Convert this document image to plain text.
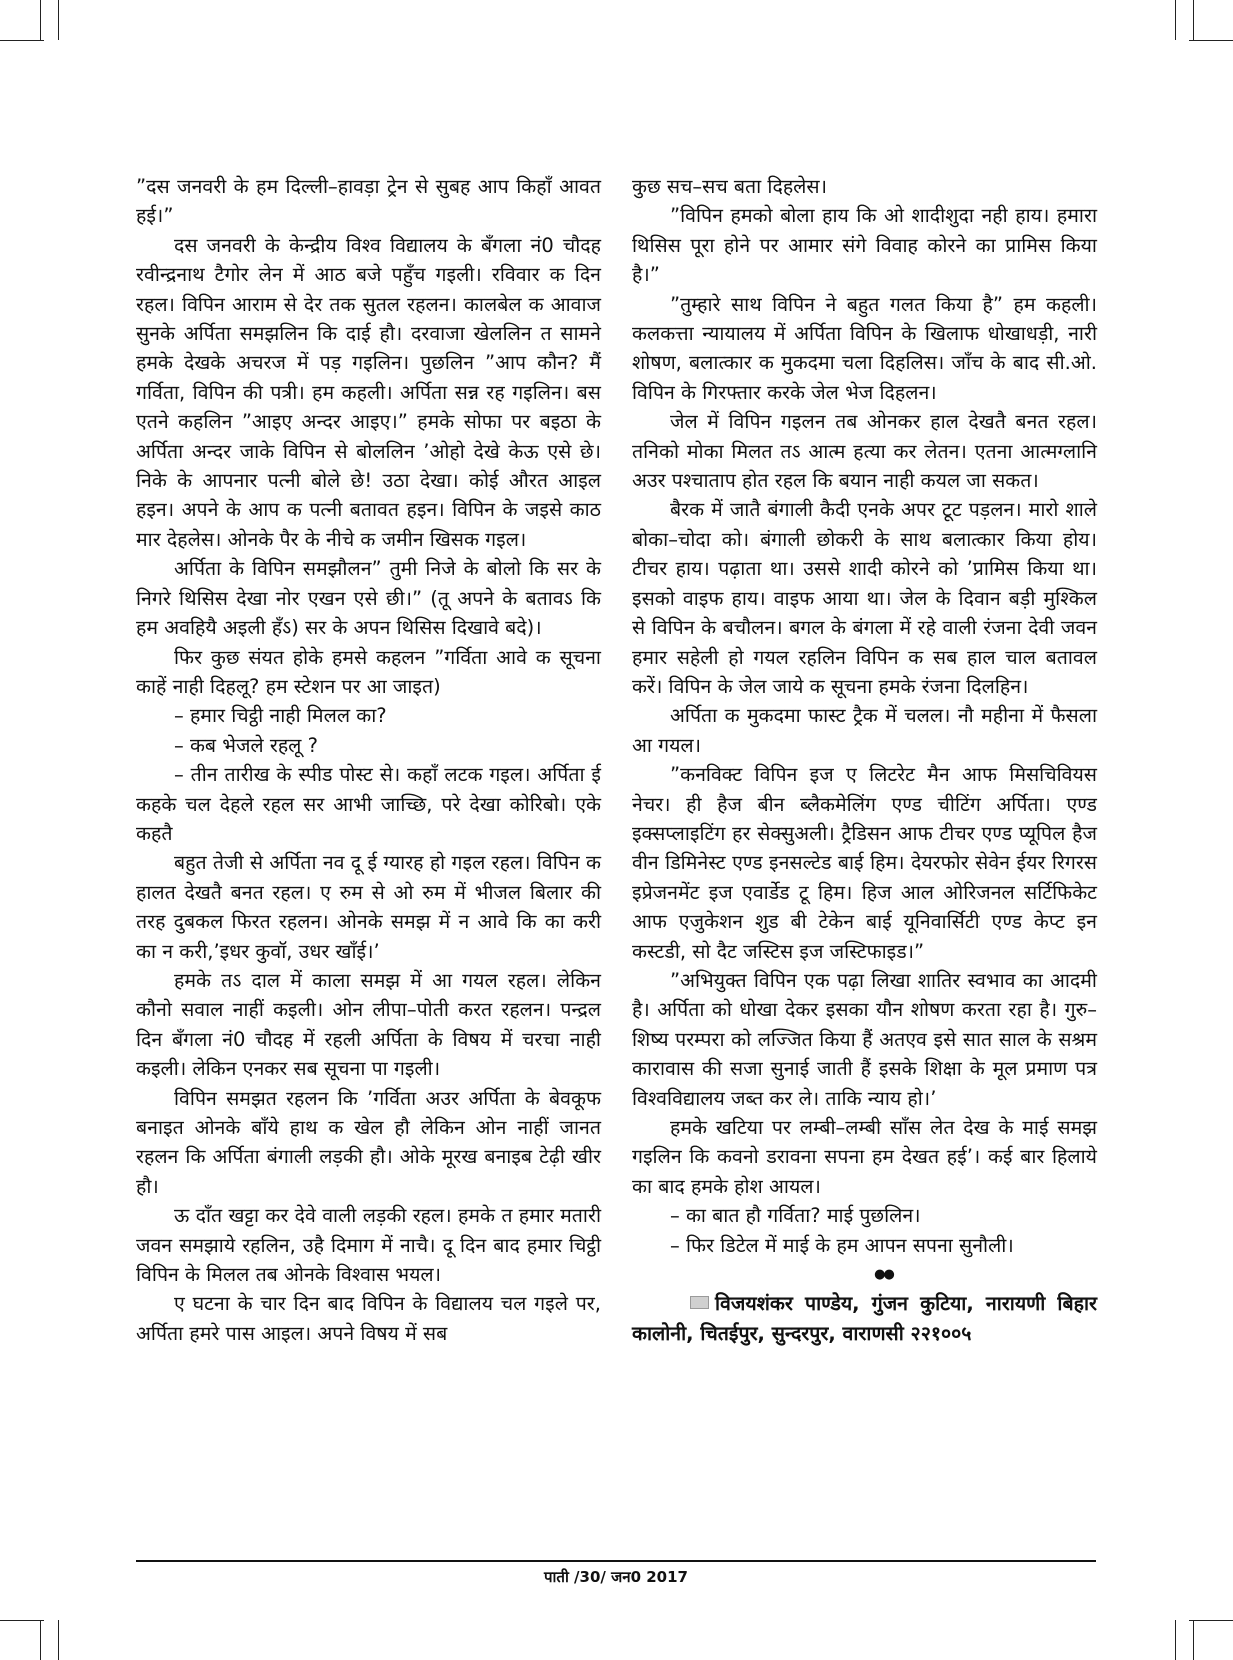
”दस जनवरी के हम दिल्ली–हावड़ा ट्रेन से सुबह आप किहाँ आवत हई।”

दस जनवरी के केन्द्रीय विश्व विद्यालय के बँगला नं0 चौदह रवीन्द्रनाथ टैगोर लेन में आठ बजे पहुँच गइली। रविवार क दिन रहल। विपिन आराम से देर तक सुतल रहलन। कालबेल क आवाज सुनके अर्पिता समझलिन कि दाई हौ। दरवाजा खेललिन त सामने हमके देखके अचरज में पड़ गइलिन। पुछलिन ”आप कौन? मैं गर्विता, विपिन की पत्री। हम कहली। अर्पिता सन्न रह गइलिन। बस एतने कहलिन ”आइए अन्दर आइए।” हमके सोफा पर बइठा के अर्पिता अन्दर जाके विपिन से बोललिन ’ओहो देखे केऊ एसे छे। निके के आपनार पत्नी बोले छे! उठा देखा। कोई औरत आइल हइन। अपने के आप क पत्नी बतावत हइन। विपिन के जइसे काठ मार देहलेस। ओनके पैर के नीचे क जमीन खिसक गइल।

अर्पिता के विपिन समझौलन” तुमी निजे के बोलो कि सर के निगरे थिसिस देखा नोर एखन एसे छी।” (तू अपने के बतावऽ कि हम अवहियै अइली हँऽ) सर के अपन थिसिस दिखावे बदे)।

फिर कुछ संयत होके हमसे कहलन ”गर्विता आवे क सूचना काहें नाही दिहलू? हम स्टेशन पर आ जाइत)

– हमार चिट्ठी नाही मिलल का?

– कब भेजले रहलू ?

– तीन तारीख के स्पीड पोस्ट से। कहाँ लटक गइल। अर्पिता ई कहके चल देहले रहल सर आभी जाच्छि, परे देखा कोरिबो। एके कहतै

बहुत तेजी से अर्पिता नव दू ई ग्यारह हो गइल रहल। विपिन क हालत देखतै बनत रहल। ए रुम से ओ रुम में भीजल बिलार की तरह दुबकल फिरत रहलन। ओनके समझ में न आवे कि का करी का न करी,’इधर कुवॉ, उधर खाँई।’

हमके तऽ दाल में काला समझ में आ गयल रहल। लेकिन कौनो सवाल नाहीं कइली। ओन लीपा–पोती करत रहलन। पन्द्रल दिन बँगला नं0 चौदह में रहली अर्पिता के विषय में चरचा नाही कइली। लेकिन एनकर सब सूचना पा गइली।

विपिन समझत रहलन कि ’गर्विता अउर अर्पिता के बेवकूफ बनाइत ओनके बाँये हाथ क खेल हौ लेकिन ओन नाहीं जानत रहलन कि अर्पिता बंगाली लड़की हौ। ओके मूरख बनाइब टेढ़ी खीर हौ।

ऊ दाँत खट्टा कर देवे वाली लड़की रहल। हमके त हमार मतारी जवन समझाये रहलिन, उहै दिमाग में नाचै। दू दिन बाद हमार चिट्ठी विपिन के मिलल तब ओनके विश्वास भयल।

ए घटना के चार दिन बाद विपिन के विद्यालय चल गइले पर, अर्पिता हमरे पास आइल। अपने विषय में सब

कुछ सच–सच बता दिहलेस।

”विपिन हमको बोला हाय कि ओ शादीशुदा नही हाय। हमारा थिसिस पूरा होने पर आमार संगे विवाह कोरने का प्रामिस किया है।”

”तुम्हारे साथ विपिन ने बहुत गलत किया है” हम कहली। कलकत्ता न्यायालय में अर्पिता विपिन के खिलाफ धोखाधड़ी, नारी शोषण, बलात्कार क मुकदमा चला दिहलिस। जाँच के बाद सी.ओ. विपिन के गिरफ्तार करके जेल भेज दिहलन।

जेल में विपिन गइलन तब ओनकर हाल देखतै बनत रहल। तनिको मोका मिलत तऽ आत्म हत्या कर लेतन। एतना आत्मग्लानि अउर पश्चाताप होत रहल कि बयान नाही कयल जा सकत।

बैरक में जातै बंगाली कैदी एनके अपर टूट पड़लन। मारो शाले बोका–चोदा को। बंगाली छोकरी के साथ बलात्कार किया होय। टीचर हाय। पढ़ाता था। उससे शादी कोरने को ’प्रामिस किया था। इसको वाइफ हाय। वाइफ आया था। जेल के दिवान बड़ी मुश्किल से विपिन के बचौलन। बगल के बंगला में रहे वाली रंजना देवी जवन हमार सहेली हो गयल रहलिन विपिन क सब हाल चाल बतावल करें। विपिन के जेल जाये क सूचना हमके रंजना दिलहिन।

अर्पिता क मुकदमा फास्ट ट्रैक में चलल। नौ महीना में फैसला आ गयल।

”कनविक्ट विपिन इज ए लिटरेट मैन आफ मिसचिवियस नेचर। ही हैज बीन ब्लैकमेलिंग एण्ड चीटिंग अर्पिता। एण्ड इक्सप्लाइटिंग हर सेक्सुअली। ट्रैडिसन आफ टीचर एण्ड प्यूपिल हैज वीन डिमिनेस्ट एण्ड इनसल्टेड बाई हिम। देयरफोर सेवेन ईयर रिगरस इप्रेजनमेंट इज एवार्डेड टू हिम। हिज आल ओरिजनल सर्टिफिकेट आफ एजुकेशन शुड बी टेकेन बाई यूनिवार्सिटी एण्ड केप्ट इन कस्टडी, सो दैट जस्टिस इज जस्टिफाइड।”

”अभियुक्त विपिन एक पढ़ा लिखा शातिर स्वभाव का आदमी है। अर्पिता को धोखा देकर इसका यौन शोषण करता रहा है। गुरु–शिष्य परम्परा को लज्जित किया हैं अतएव इसे सात साल के सश्रम कारावास की सजा सुनाई जाती हैं इसके शिक्षा के मूल प्रमाण पत्र विश्वविद्यालय जब्त कर ले। ताकि न्याय हो।’

हमके खटिया पर लम्बी–लम्बी साँस लेत देख के माई समझ गइलिन कि कवनो डरावना सपना हम देखत हई’। कई बार हिलाये का बाद हमके होश आयल।

– का बात हौ गर्विता? माई पुछलिन।

– फिर डिटेल में माई के हम आपन सपना सुनौली।

●●

विजयशंकर पाण्डेय, गुंजन कुटिया, नारायणी बिहार कालोनी, चितईपुर, सुन्दरपुर, वाराणसी २२१००५

पाती /30/ जन0 2017
